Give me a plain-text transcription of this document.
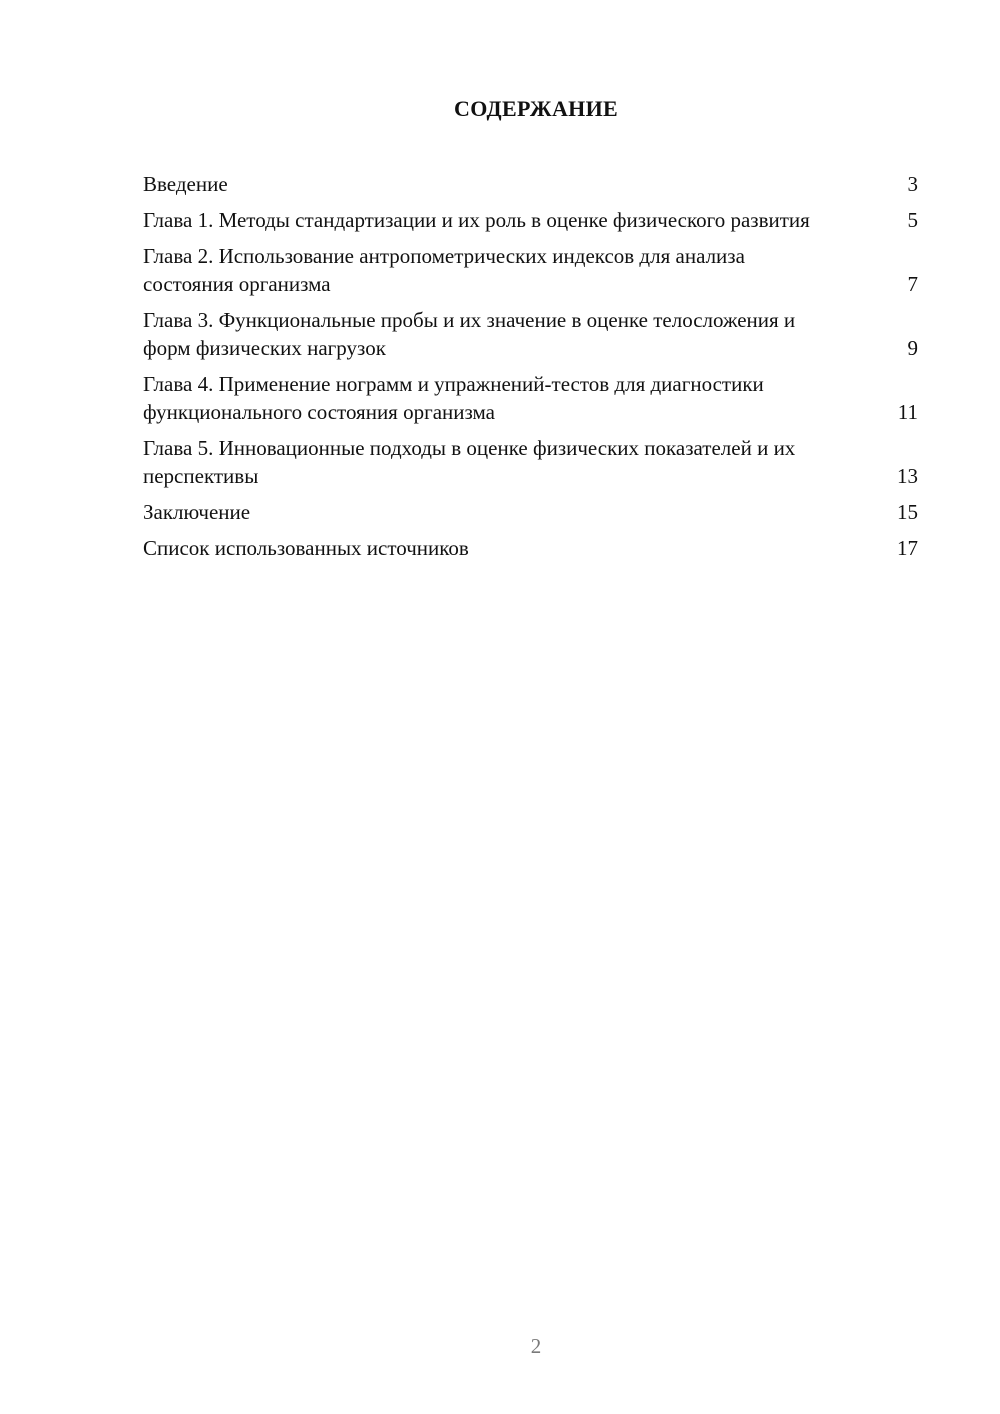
СОДЕРЖАНИЕ
Введение	3
Глава 1. Методы стандартизации и их роль в оценке физического развития	5
Глава 2. Использование антропометрических индексов для анализа состояния организма	7
Глава 3. Функциональные пробы и их значение в оценке телосложения и форм физических нагрузок	9
Глава 4. Применение нограмм и упражнений-тестов для диагностики функционального состояния организма	11
Глава 5. Инновационные подходы в оценке физических показателей и их перспективы	13
Заключение	15
Список использованных источников	17
2
